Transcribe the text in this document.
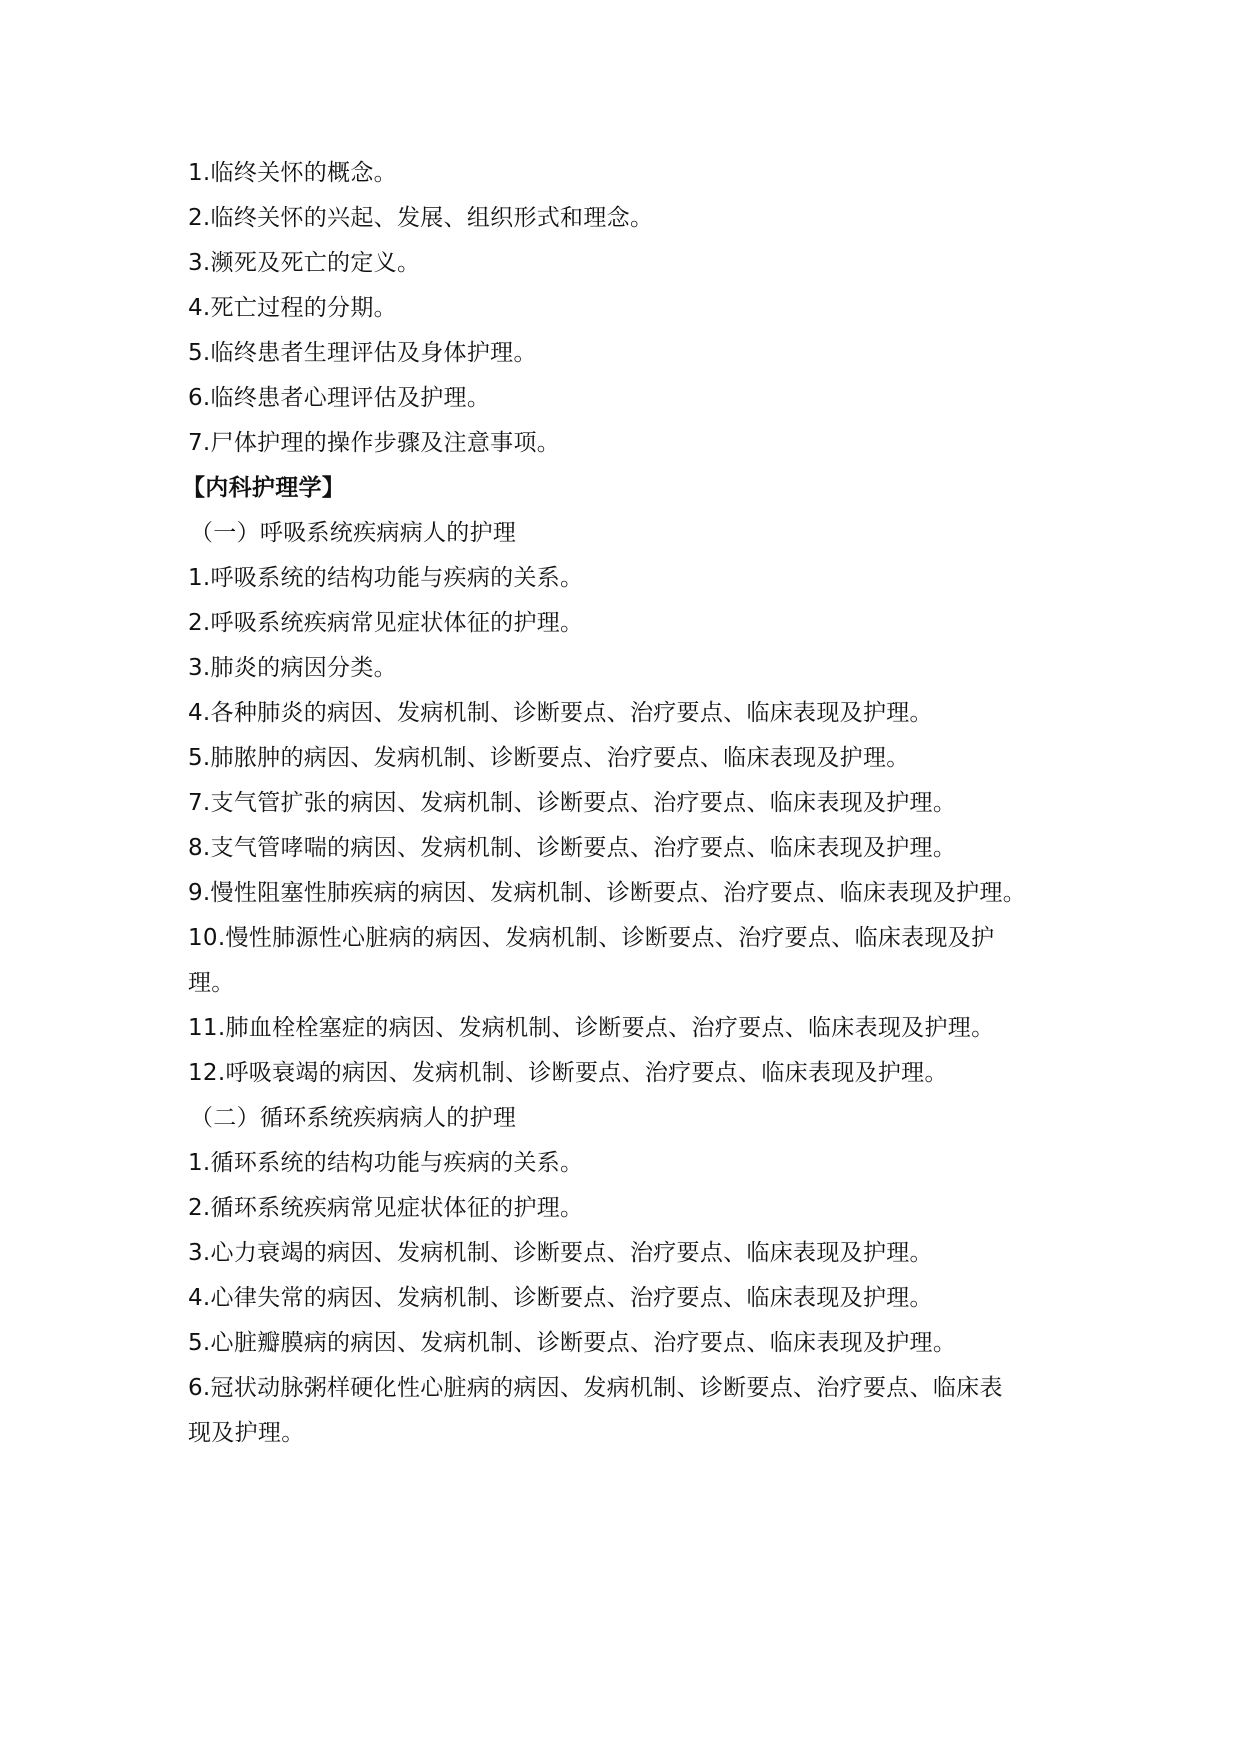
1.临终关怀的概念。
2.临终关怀的兴起、发展、组织形式和理念。
3.濒死及死亡的定义。
4.死亡过程的分期。
5.临终患者生理评估及身体护理。
6.临终患者心理评估及护理。
7.尸体护理的操作步骤及注意事项。
【内科护理学】
（一）呼吸系统疾病病人的护理
1.呼吸系统的结构功能与疾病的关系。
2.呼吸系统疾病常见症状体征的护理。
3.肺炎的病因分类。
4.各种肺炎的病因、发病机制、诊断要点、治疗要点、临床表现及护理。
5.肺脓肿的病因、发病机制、诊断要点、治疗要点、临床表现及护理。
7.支气管扩张的病因、发病机制、诊断要点、治疗要点、临床表现及护理。
8.支气管哮喘的病因、发病机制、诊断要点、治疗要点、临床表现及护理。
9.慢性阻塞性肺疾病的病因、发病机制、诊断要点、治疗要点、临床表现及护理。
10.慢性肺源性心脏病的病因、发病机制、诊断要点、治疗要点、临床表现及护
理。
11.肺血栓栓塞症的病因、发病机制、诊断要点、治疗要点、临床表现及护理。
12.呼吸衰竭的病因、发病机制、诊断要点、治疗要点、临床表现及护理。
（二）循环系统疾病病人的护理
1.循环系统的结构功能与疾病的关系。
2.循环系统疾病常见症状体征的护理。
3.心力衰竭的病因、发病机制、诊断要点、治疗要点、临床表现及护理。
4.心律失常的病因、发病机制、诊断要点、治疗要点、临床表现及护理。
5.心脏瓣膜病的病因、发病机制、诊断要点、治疗要点、临床表现及护理。
6.冠状动脉粥样硬化性心脏病的病因、发病机制、诊断要点、治疗要点、临床表
现及护理。
